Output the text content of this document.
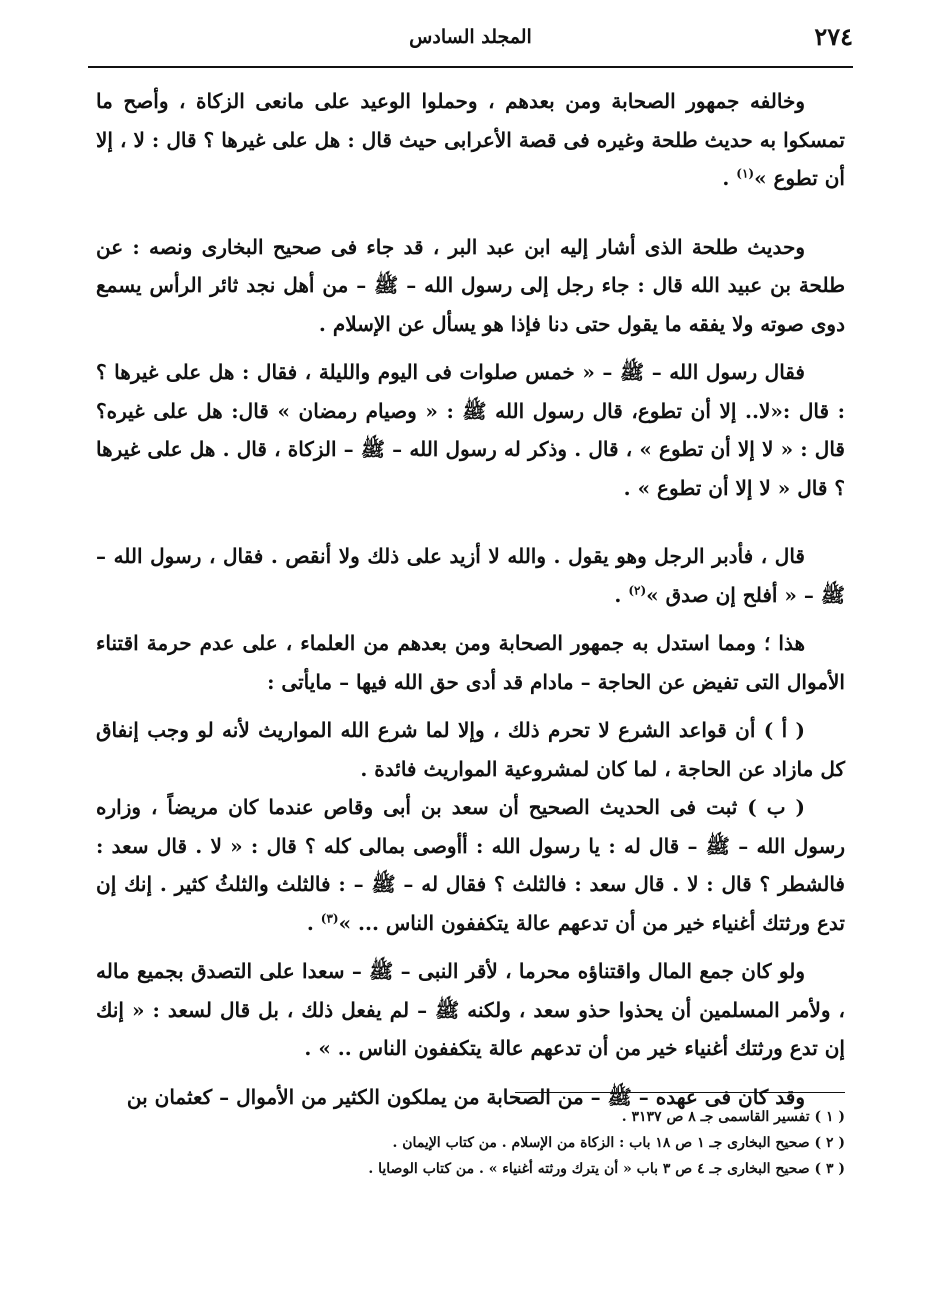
٢٧٤
المجلد السادس

وخالفه جمهور الصحابة ومن بعدهم ، وحملوا الوعيد على مانعى الزكاة ، وأصح ما تمسكوا به حديث طلحة وغيره فى قصة الأعرابى حيث قال : هل على غيرها ؟ قال : لا ، إلا أن تطوع »$^{(١)}$ .

وحديث طلحة الذى أشار إليه ابن عبد البر ، قد جاء فى صحيح البخارى ونصه : عن طلحة بن عبيد الله قال : جاء رجل إلى رسول الله – ﷺ – من أهل نجد ثائر الرأس يسمع دوى صوته ولا يفقه ما يقول حتى دنا فإذا هو يسأل عن الإسلام .

فقال رسول الله – ﷺ – « خمس صلوات فى اليوم والليلة ، فقال : هل على غيرها ؟ : قال :«لا.. إلا أن تطوع، قال رسول الله ﷺ : « وصيام رمضان » قال: هل على غيره؟ قال : « لا إلا أن تطوع » ، قال . وذكر له رسول الله – ﷺ – الزكاة ، قال . هل على غيرها ؟ قال « لا إلا أن تطوع » .

قال ، فأدبر الرجل وهو يقول . والله لا أزيد على ذلك ولا أنقص . فقال ، رسول الله – ﷺ – « أفلح إن صدق »$^{(٢)}$ .

هذا ؛ ومما استدل به جمهور الصحابة ومن بعدهم من العلماء ، على عدم حرمة اقتناء الأموال التى تفيض عن الحاجة – مادام قد أدى حق الله فيها – مايأتى :

( أ ) أن قواعد الشرع لا تحرم ذلك ، وإلا لما شرع الله المواريث لأنه لو وجب إنفاق كل مازاد عن الحاجة ، لما كان لمشروعية المواريث فائدة .

( ب ) ثبت فى الحديث الصحيح أن سعد بن أبى وقاص عندما كان مريضاً ، وزاره رسول الله – ﷺ – قال له : يا رسول الله : أأوصى بمالى كله ؟ قال : « لا . قال سعد : فالشطر ؟ قال : لا . قال سعد : فالثلث ؟ فقال له – ﷺ – : فالثلث والثلثُ كثير . إنك إن تدع ورثتك أغنياء خير من أن تدعهم عالة يتكففون الناس ... »$^{(٣)}$ .

ولو كان جمع المال واقتناؤه محرما ، لأقر النبى – ﷺ – سعدا على التصدق بجميع ماله ، ولأمر المسلمين أن يحذوا حذو سعد ، ولكنه ﷺ – لم يفعل ذلك ، بل قال لسعد : « إنك إن تدع ورثتك أغنياء خير من أن تدعهم عالة يتكففون الناس .. » .

وقد كان فى عهده – ﷺ – من الصحابة من يملكون الكثير من الأموال – كعثمان بن

( ١ ) تفسير القاسمى جـ ٨ ص ٣١٣٧ .

( ٢ ) صحيح البخارى جـ ١ ص ١٨ باب : الزكاة من الإسلام . من كتاب الإيمان .

( ٣ ) صحيح البخارى جـ ٤ ص ٣ باب « أن يترك ورثته أغنياء » . من كتاب الوصايا .
